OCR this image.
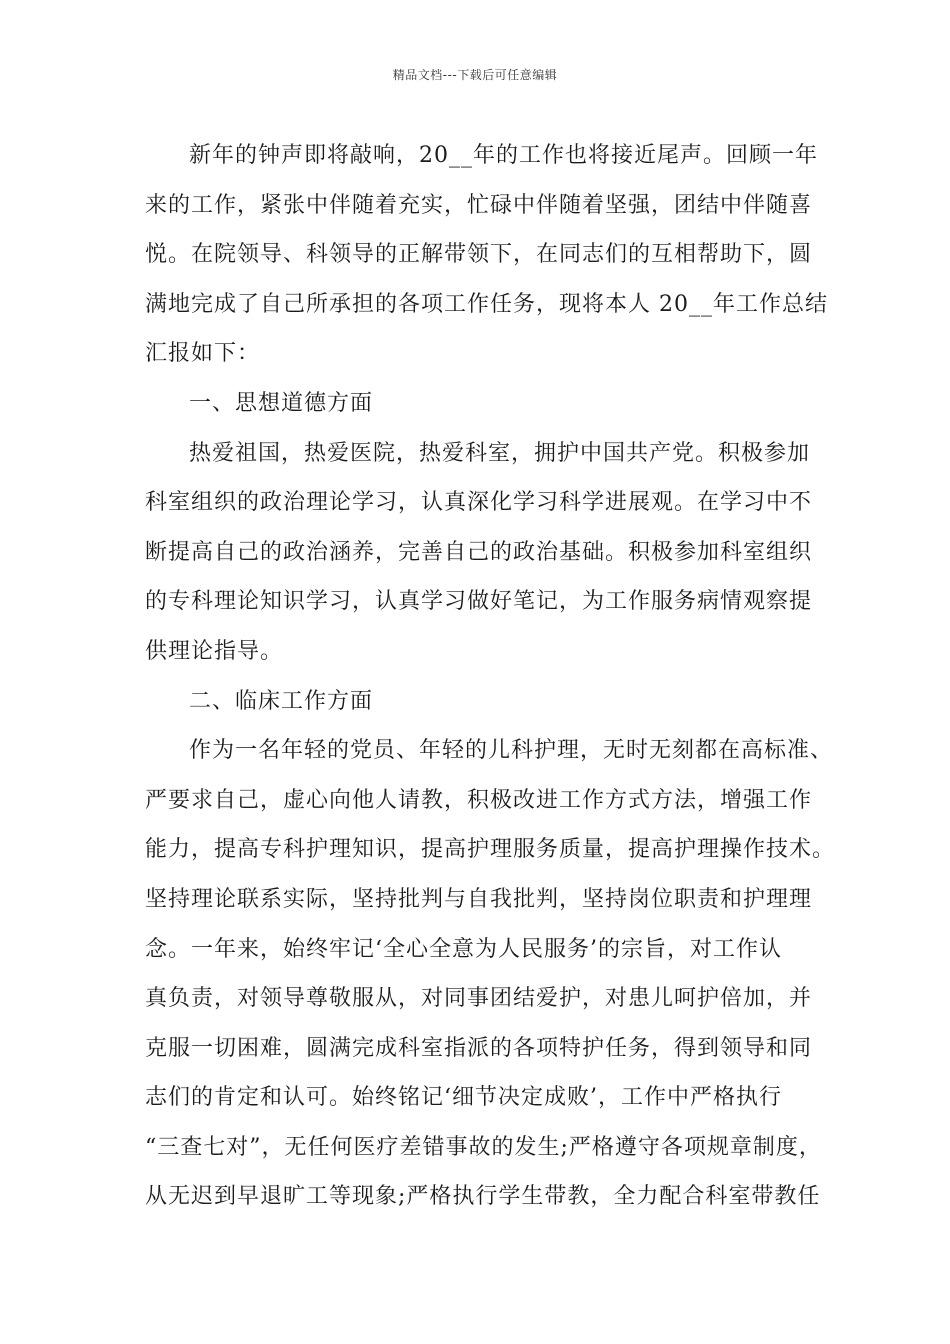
精品文档---下载后可任意编辑
新年的钟声即将敲响，20__年的工作也将接近尾声。回顾一年
来的工作，紧张中伴随着充实，忙碌中伴随着坚强，团结中伴随喜
悦。在院领导、科领导的正解带领下，在同志们的互相帮助下，圆
满地完成了自己所承担的各项工作任务，现将本人 20__年工作总结
汇报如下：
一、思想道德方面
热爱祖国，热爱医院，热爱科室，拥护中国共产党。积极参加
科室组织的政治理论学习，认真深化学习科学进展观。在学习中不
断提高自己的政治涵养，完善自己的政治基础。积极参加科室组织
的专科理论知识学习，认真学习做好笔记，为工作服务病情观察提
供理论指导。
二、临床工作方面
作为一名年轻的党员、年轻的儿科护理，无时无刻都在高标准、
严要求自己，虚心向他人请教，积极改进工作方式方法，增强工作
能力，提高专科护理知识，提高护理服务质量，提高护理操作技术。
坚持理论联系实际，坚持批判与自我批判，坚持岗位职责和护理理
念。一年来，始终牢记‘全心全意为人民服务’的宗旨，对工作认
真负责，对领导尊敬服从，对同事团结爱护，对患儿呵护倍加，并
克服一切困难，圆满完成科室指派的各项特护任务，得到领导和同
志们的肯定和认可。始终铭记‘细节决定成败’，工作中严格执行
“三查七对”，无任何医疗差错事故的发生;严格遵守各项规章制度，
从无迟到早退旷工等现象;严格执行学生带教，全力配合科室带教任
